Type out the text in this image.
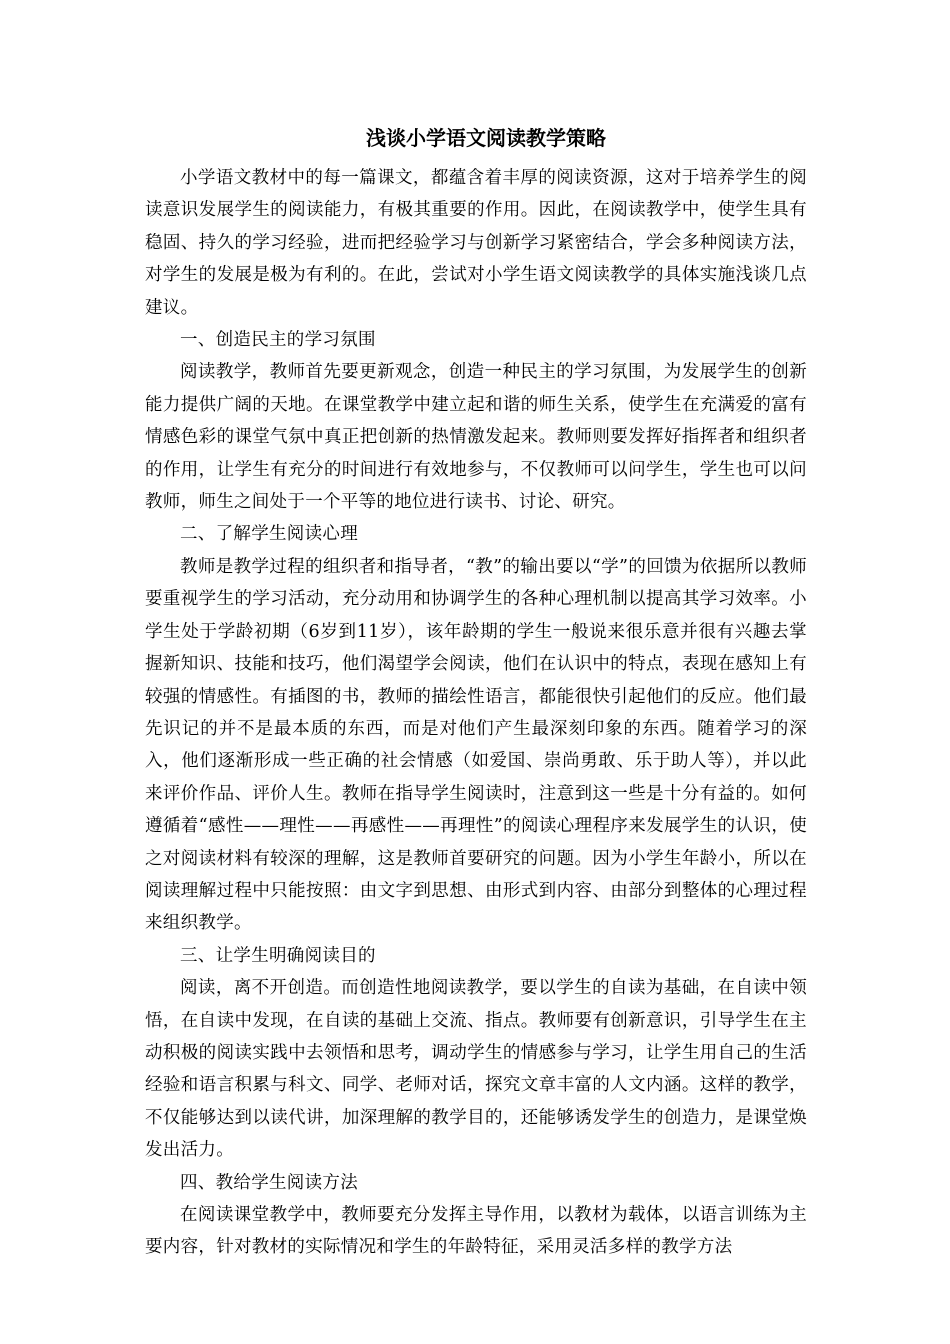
浅谈小学语文阅读教学策略

小学语文教材中的每一篇课文，都蕴含着丰厚的阅读资源，这对于培养学生的阅读意识发展学生的阅读能力，有极其重要的作用。因此，在阅读教学中，使学生具有稳固、持久的学习经验，进而把经验学习与创新学习紧密结合，学会多种阅读方法，对学生的发展是极为有利的。在此，尝试对小学生语文阅读教学的具体实施浅谈几点建议。

一、创造民主的学习氛围

阅读教学，教师首先要更新观念，创造一种民主的学习氛围，为发展学生的创新能力提供广阔的天地。在课堂教学中建立起和谐的师生关系，使学生在充满爱的富有情感色彩的课堂气氛中真正把创新的热情激发起来。教师则要发挥好指挥者和组织者的作用，让学生有充分的时间进行有效地参与，不仅教师可以问学生，学生也可以问教师，师生之间处于一个平等的地位进行读书、讨论、研究。

二、了解学生阅读心理

教师是教学过程的组织者和指导者，“教”的输出要以“学”的回馈为依据所以教师要重视学生的学习活动，充分动用和协调学生的各种心理机制以提高其学习效率。小学生处于学龄初期（6岁到11岁），该年龄期的学生一般说来很乐意并很有兴趣去掌握新知识、技能和技巧，他们渴望学会阅读，他们在认识中的特点，表现在感知上有较强的情感性。有插图的书，教师的描绘性语言，都能很快引起他们的反应。他们最先识记的并不是最本质的东西，而是对他们产生最深刻印象的东西。随着学习的深入，他们逐渐形成一些正确的社会情感（如爱国、崇尚勇敢、乐于助人等），并以此来评价作品、评价人生。教师在指导学生阅读时，注意到这一些是十分有益的。如何遵循着“感性——理性——再感性——再理性”的阅读心理程序来发展学生的认识，使之对阅读材料有较深的理解，这是教师首要研究的问题。因为小学生年龄小，所以在阅读理解过程中只能按照：由文字到思想、由形式到内容、由部分到整体的心理过程来组织教学。

三、让学生明确阅读目的

阅读，离不开创造。而创造性地阅读教学，要以学生的自读为基础，在自读中领悟，在自读中发现，在自读的基础上交流、指点。教师要有创新意识，引导学生在主动积极的阅读实践中去领悟和思考，调动学生的情感参与学习，让学生用自己的生活经验和语言积累与科文、同学、老师对话，探究文章丰富的人文内涵。这样的教学，不仅能够达到以读代讲，加深理解的教学目的，还能够诱发学生的创造力，是课堂焕发出活力。

四、教给学生阅读方法

在阅读课堂教学中，教师要充分发挥主导作用，以教材为载体，以语言训练为主要内容，针对教材的实际情况和学生的年龄特征，采用灵活多样的教学方法
